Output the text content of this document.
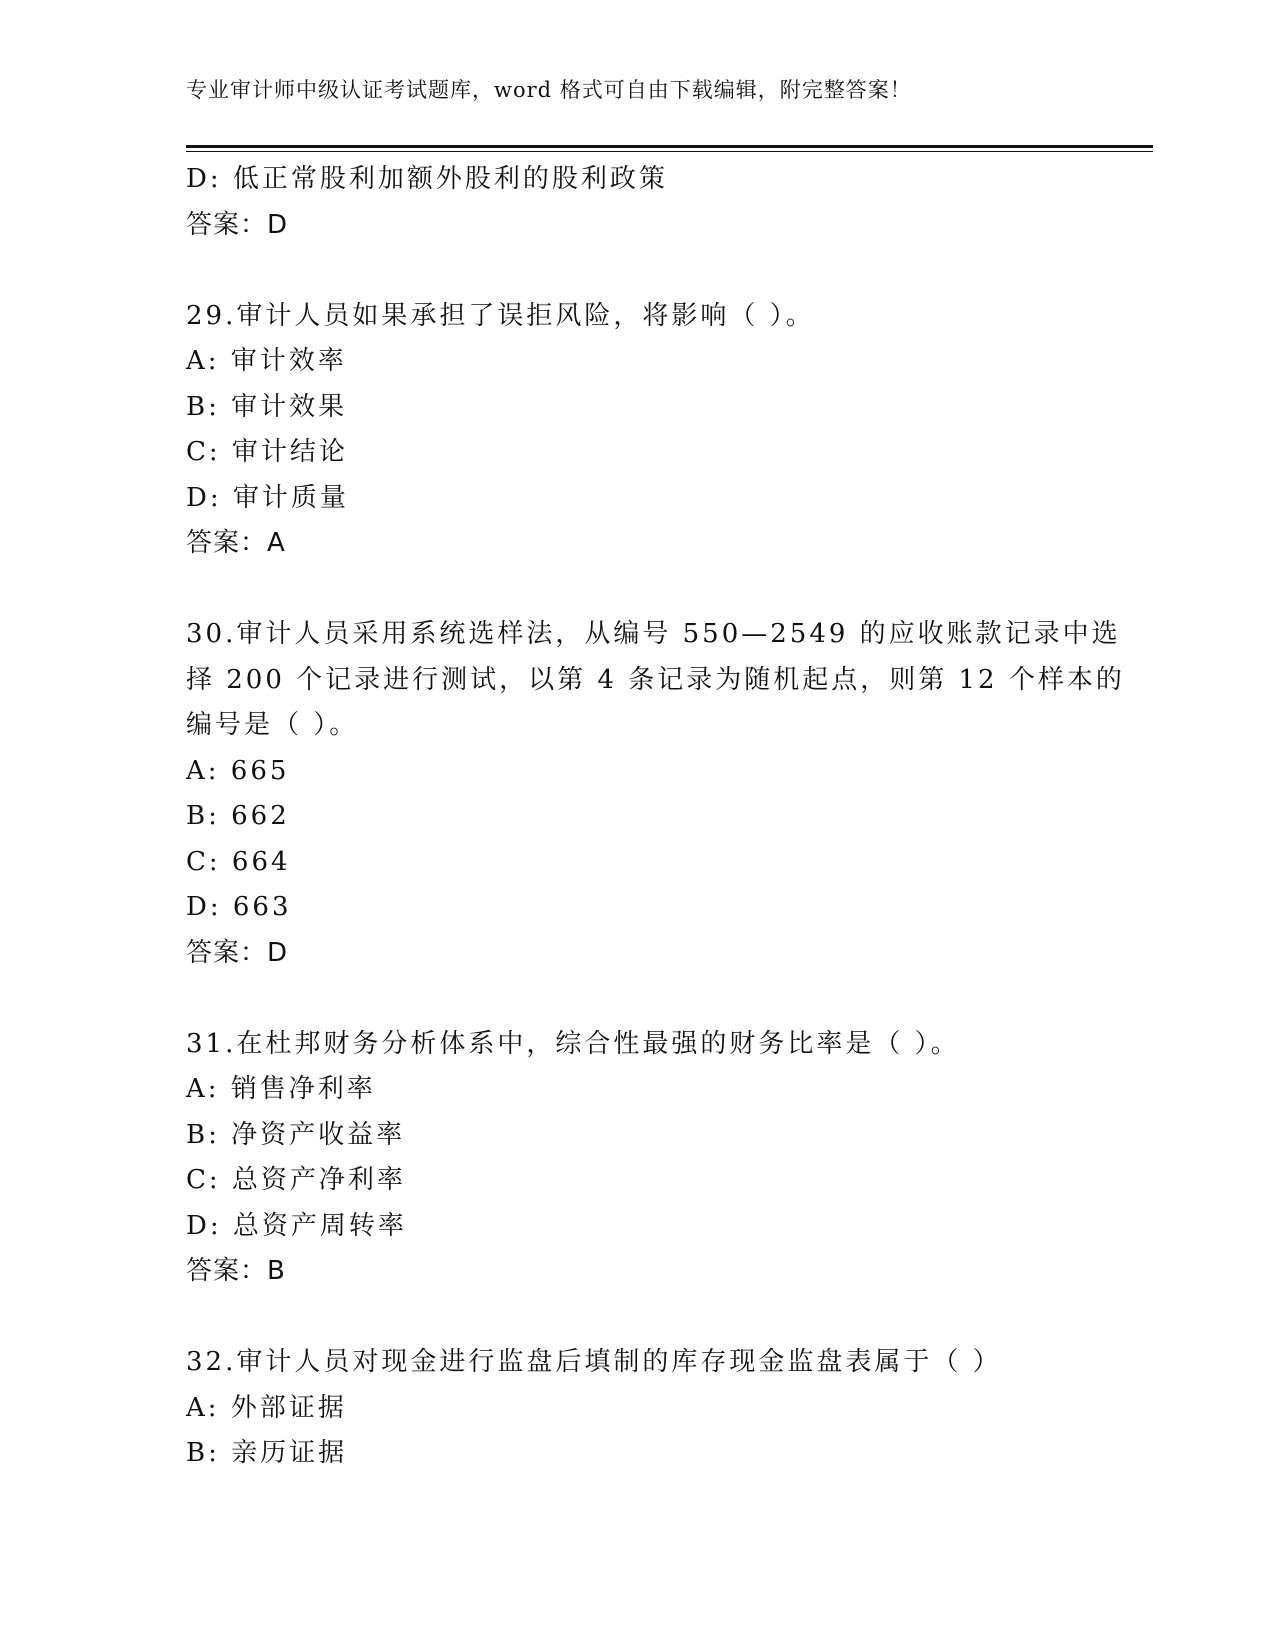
专业审计师中级认证考试题库，word 格式可自由下载编辑，附完整答案！
D: 低正常股利加额外股利的股利政策
答案：D
29.审计人员如果承担了误拒风险，将影响（ ）。
A: 审计效率
B: 审计效果
C: 审计结论
D: 审计质量
答案：A
30.审计人员采用系统选样法，从编号 550—2549 的应收账款记录中选
择 200 个记录进行测试，以第 4 条记录为随机起点，则第 12 个样本的
编号是（ ）。
A: 665
B: 662
C: 664
D: 663
答案：D
31.在杜邦财务分析体系中，综合性最强的财务比率是（ ）。
A: 销售净利率
B: 净资产收益率
C: 总资产净利率
D: 总资产周转率
答案：B
32.审计人员对现金进行监盘后填制的库存现金监盘表属于（ ）
A: 外部证据
B: 亲历证据
